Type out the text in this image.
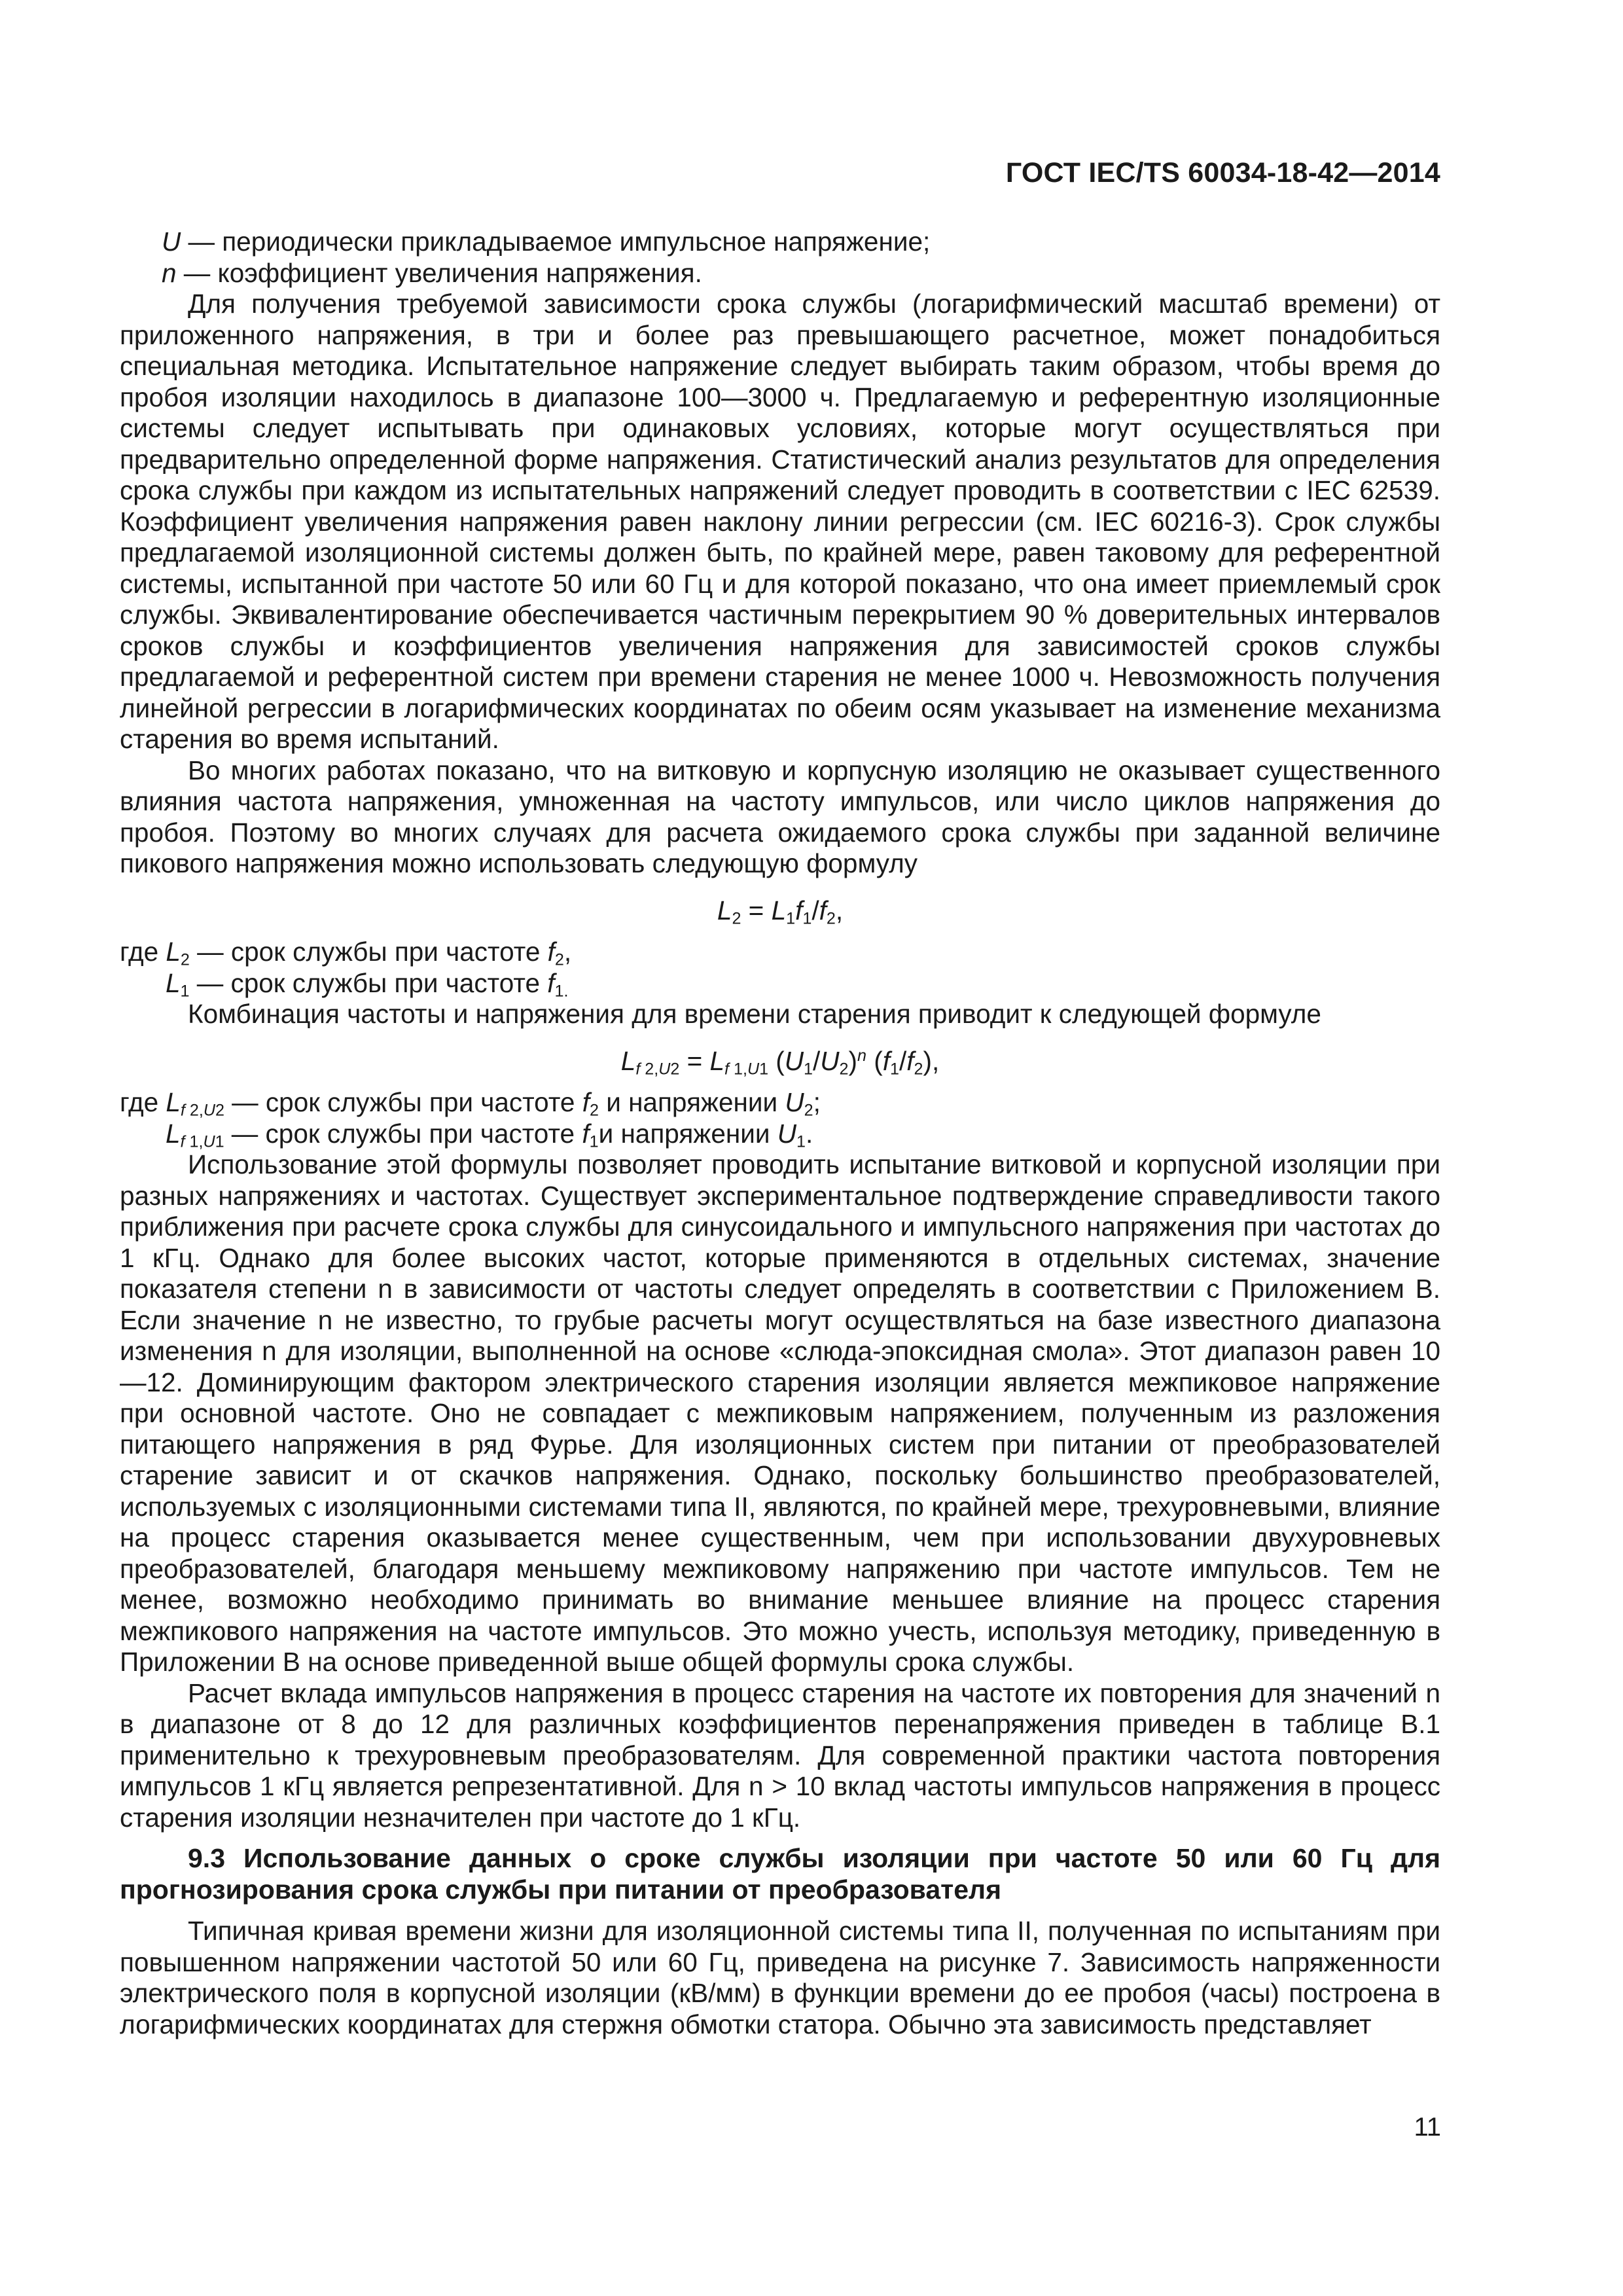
ГОСТ IEC/TS 60034-18-42—2014

U — периодически прикладываемое импульсное напряжение;

n — коэффициент увеличения напряжения.

Для получения требуемой зависимости срока службы (логарифмический масштаб времени) от приложенного напряжения, в три и более раз превышающего расчетное, может понадобиться специальная методика. Испытательное напряжение следует выбирать таким образом, чтобы время до пробоя изоляции находилось в диапазоне 100—3000 ч. Предлагаемую и референтную изоляционные системы следует испытывать при одинаковых условиях, которые могут осуществляться при предварительно определенной форме напряжения. Статистический анализ результатов для определения срока службы при каждом из испытательных напряжений следует проводить в соответствии с IEC 62539. Коэффициент увеличения напряжения равен наклону линии регрессии (см. IEC 60216-3). Срок службы предлагаемой изоляционной системы должен быть, по крайней мере, равен таковому для референтной системы, испытанной при частоте 50 или 60 Гц и для которой показано, что она имеет приемлемый срок службы. Эквивалентирование обеспечивается частичным перекрытием 90 % доверительных интервалов сроков службы и коэффициентов увеличения напряжения для зависимостей сроков службы предлагаемой и референтной систем при времени старения не менее 1000 ч. Невозможность получения линейной регрессии в логарифмических координатах по обеим осям указывает на изменение механизма старения во время испытаний.

Во многих работах показано, что на витковую и корпусную изоляцию не оказывает существенного влияния частота напряжения, умноженная на частоту импульсов, или число циклов напряжения до пробоя. Поэтому во многих случаях для расчета ожидаемого срока службы при заданной величине пикового напряжения можно использовать следующую формулу

$L_2 = L_1f_1/f_2$,

где $L_2$ — срок службы при частоте $f_2$,

$L_1$ — срок службы при частоте $f_{1.}$

Комбинация частоты и напряжения для времени старения приводит к следующей формуле

$L_{f 2,U2} = L_{f 1,U1}$ $(U_1/U_2)^n$ $(f_1/f_2)$,

где $L_{f 2,U2}$ — срок службы при частоте $f_2$ и напряжении $U_2$;

$L_{f 1,U1}$ — срок службы при частоте $f_1и$ напряжении $U_1$.

Использование этой формулы позволяет проводить испытание витковой и корпусной изоляции при разных напряжениях и частотах. Существует экспериментальное подтверждение справедливости такого приближения при расчете срока службы для синусоидального и импульсного напряжения при частотах до 1 кГц. Однако для более высоких частот, которые применяются в отдельных системах, значение показателя степени n в зависимости от частоты следует определять в соответствии с Приложением В. Если значение n не известно, то грубые расчеты могут осуществляться на базе известного диапазона изменения n для изоляции, выполненной на основе «слюда-эпоксидная смола». Этот диапазон равен 10—12. Доминирующим фактором электрического старения изоляции является межпиковое напряжение при основной частоте. Оно не совпадает с межпиковым напряжением, полученным из разложения питающего напряжения в ряд Фурье. Для изоляционных систем при питании от преобразователей старение зависит и от скачков напряжения. Однако, поскольку большинство преобразователей, используемых с изоляционными системами типа II, являются, по крайней мере, трехуровневыми, влияние на процесс старения оказывается менее существенным, чем при использовании двухуровневых преобразователей, благодаря меньшему межпиковому напряжению при частоте импульсов. Тем не менее, возможно необходимо принимать во внимание меньшее влияние на процесс старения межпикового напряжения на частоте импульсов. Это можно учесть, используя методику, приведенную в Приложении В на основе приведенной выше общей формулы срока службы.

Расчет вклада импульсов напряжения в процесс старения на частоте их повторения для значений n в диапазоне от 8 до 12 для различных коэффициентов перенапряжения приведен в таблице В.1 применительно к трехуровневым преобразователям. Для современной практики частота повторения импульсов 1 кГц является репрезентативной. Для n > 10 вклад частоты импульсов напряжения в процесс старения изоляции незначителен при частоте до 1 кГц.

9.3 Использование данных о сроке службы изоляции при частоте 50 или 60 Гц для прогнозирования срока службы при питании от преобразователя

Типичная кривая времени жизни для изоляционной системы типа II, полученная по испытаниям при повышенном напряжении частотой 50 или 60 Гц, приведена на рисунке 7. Зависимость напряженности электрического поля в корпусной изоляции (кВ/мм) в функции времени до ее пробоя (часы) построена в логарифмических координатах для стержня обмотки статора. Обычно эта зависимость представляет

11
